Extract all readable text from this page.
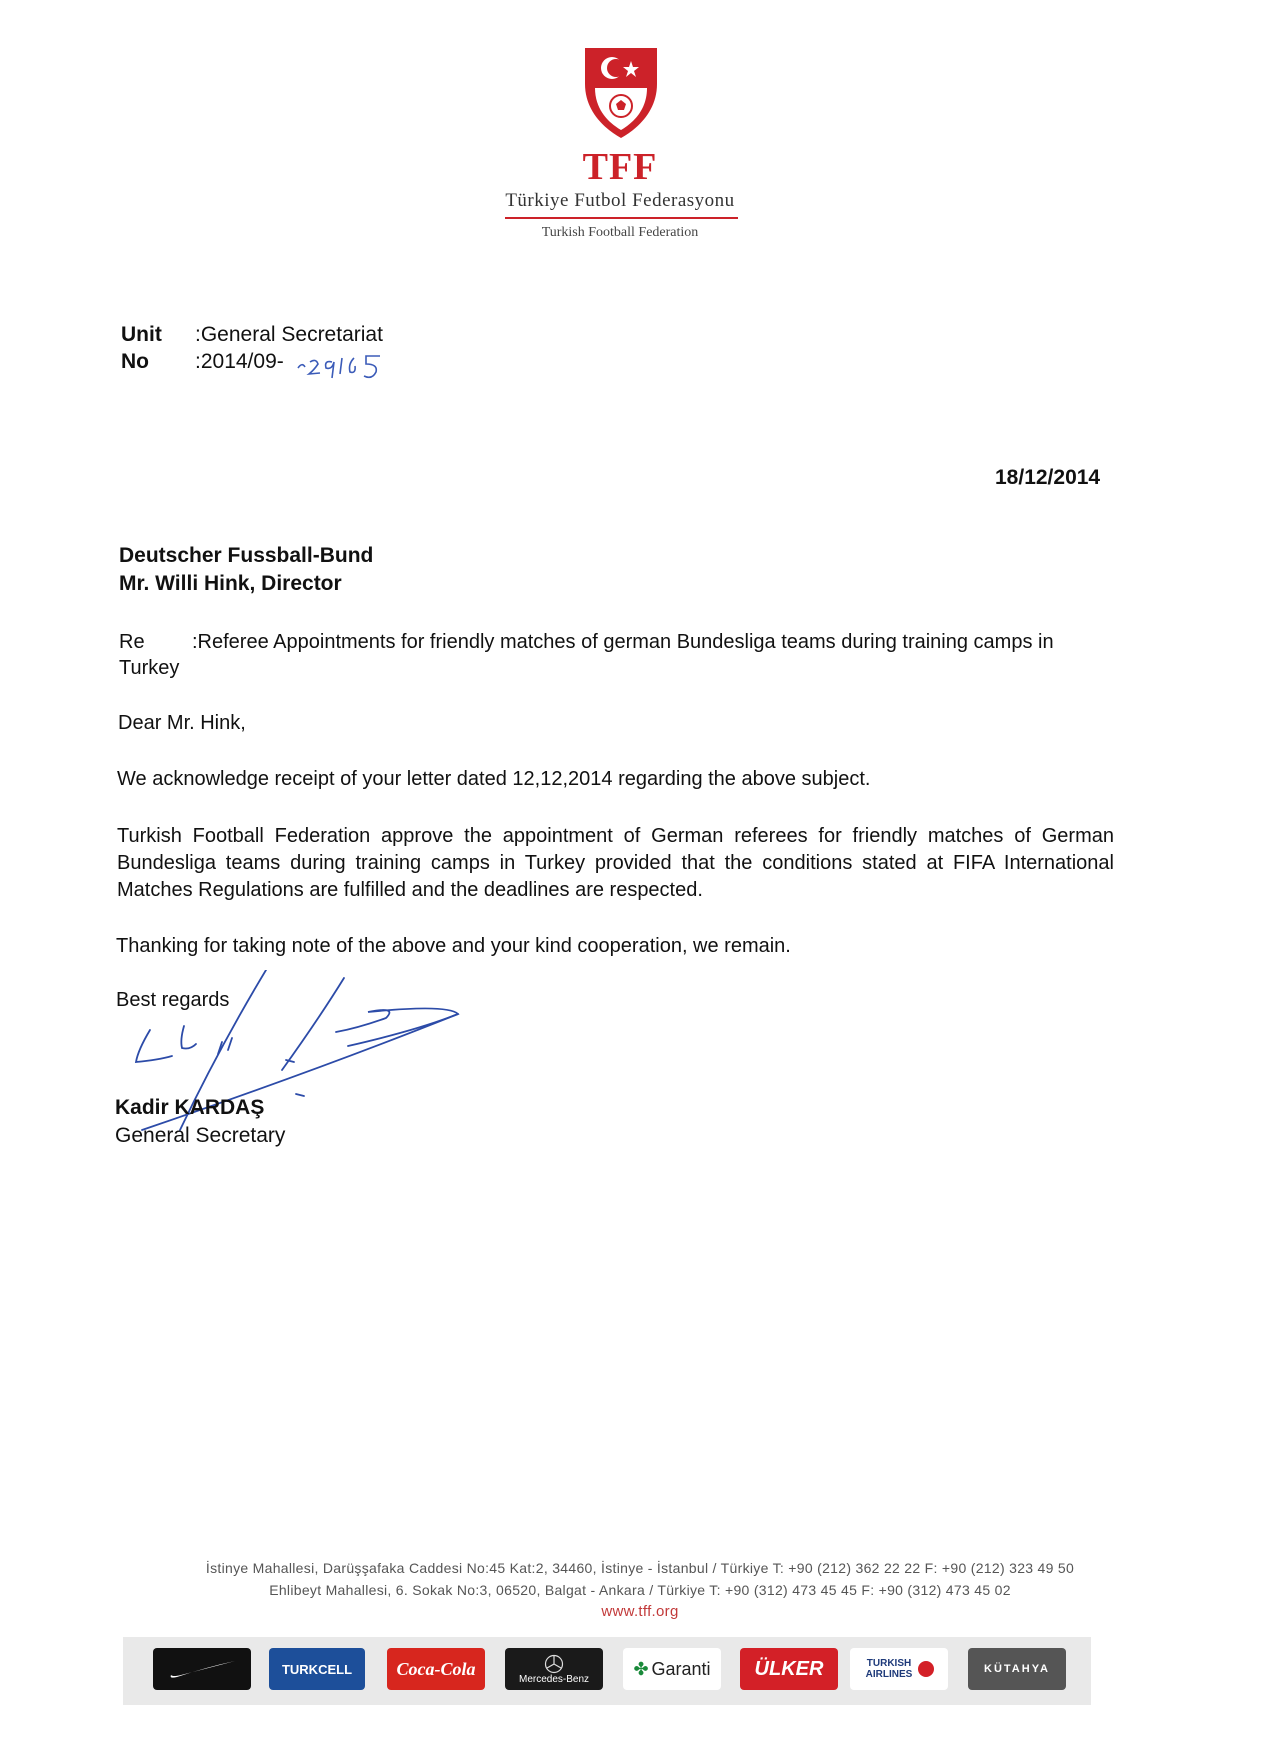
TFF
Türkiye Futbol Federasyonu
Turkish Football Federation
Unit :General Secretariat
No :2014/09-
18/12/2014
Deutscher Fussball-Bund
Mr. Willi Hink, Director
Re :Referee Appointments for friendly matches of german Bundesliga teams during training camps in
Turkey
Dear Mr. Hink,
We acknowledge receipt of your letter dated 12,12,2014 regarding the above subject.
Turkish Football Federation approve the appointment of German referees for friendly matches of German Bundesliga teams during training camps in Turkey provided that the conditions stated at FIFA International Matches Regulations are fulfilled and the deadlines are respected.
Thanking for taking note of the above and your kind cooperation, we remain.
Best regards
Kadir KARDAŞ
General Secretary
İstinye Mahallesi, Darüşşafaka Caddesi No:45 Kat:2, 34460, İstinye - İstanbul / Türkiye T: +90 (212) 362 22 22 F: +90 (212) 323 49 50
Ehlibeyt Mahallesi, 6. Sokak No:3, 06520, Balgat - Ankara / Türkiye T: +90 (312) 473 45 45 F: +90 (312) 473 45 02
www.tff.org
TURKCELL	Coca-Cola
Mercedes-Benz
✤ Garanti	ÜLKER	TURKISH AIRLINES	KÜTAHYA
